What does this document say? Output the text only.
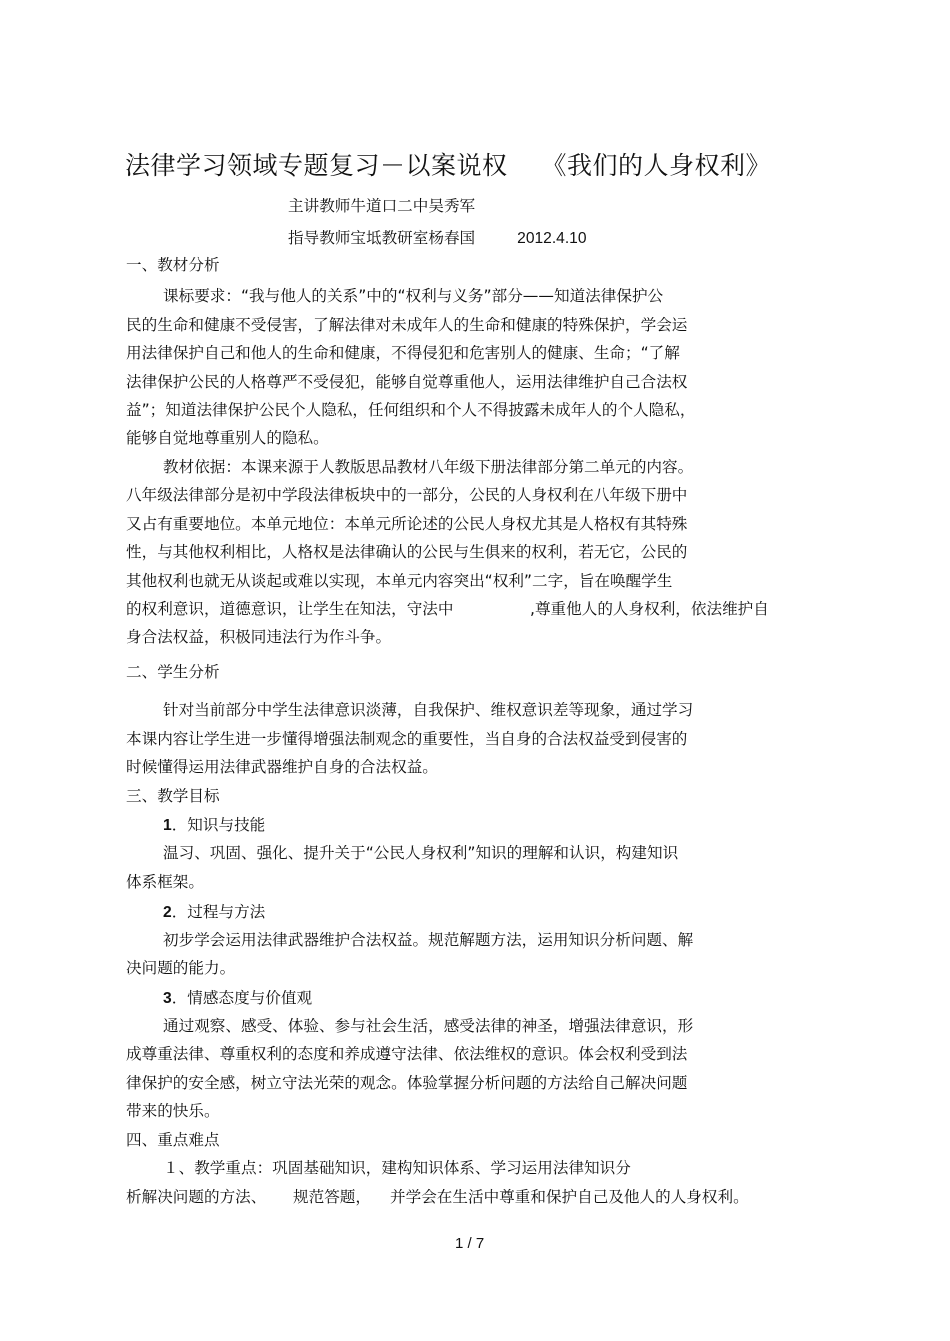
法律学习领域专题复习－以案说权 《我们的人身权利》
主讲教师牛道口二中吴秀军
指导教师宝坻教研室杨春国	2012.4.10
一、教材分析
课标要求：“我与他人的关系”中的“权利与义务”部分——知道法律保护公
民的生命和健康不受侵害，了解法律对未成年人的生命和健康的特殊保护，学会运
用法律保护自己和他人的生命和健康，不得侵犯和危害别人的健康、生命；“了解
法律保护公民的人格尊严不受侵犯，能够自觉尊重他人，运用法律维护自己合法权
益”；知道法律保护公民个人隐私，任何组织和个人不得披露未成年人的个人隐私，
能够自觉地尊重别人的隐私。
教材依据：本课来源于人教版思品教材八年级下册法律部分第二单元的内容。
八年级法律部分是初中学段法律板块中的一部分，公民的人身权利在八年级下册中
又占有重要地位。本单元地位：本单元所论述的公民人身权尤其是人格权有其特殊
性，与其他权利相比，人格权是法律确认的公民与生俱来的权利，若无它，公民的
其他权利也就无从谈起或难以实现，本单元内容突出“权利”二字，旨在唤醒学生
的权利意识，道德意识，让学生在知法，守法中	,尊重他人的人身权利，依法维护自
身合法权益，积极同违法行为作斗争。
二、学生分析
针对当前部分中学生法律意识淡薄，自我保护、维权意识差等现象，通过学习
本课内容让学生进一步懂得增强法制观念的重要性，当自身的合法权益受到侵害的
时候懂得运用法律武器维护自身的合法权益。
三、教学目标
1．知识与技能
温习、巩固、强化、提升关于“公民人身权利”知识的理解和认识，构建知识
体系框架。
2．过程与方法
初步学会运用法律武器维护合法权益。规范解题方法，运用知识分析问题、解
决问题的能力。
3．情感态度与价值观
通过观察、感受、体验、参与社会生活，感受法律的神圣，增强法律意识，形
成尊重法律、尊重权利的态度和养成遵守法律、依法维权的意识。体会权利受到法
律保护的安全感，树立守法光荣的观念。体验掌握分析问题的方法给自己解决问题
带来的快乐。
四、重点难点
１、教学重点：巩固基础知识，建构知识体系、学习运用法律知识分
析解决问题的方法、 规范答题， 并学会在生活中尊重和保护自己及他人的人身权利。
1 / 7
